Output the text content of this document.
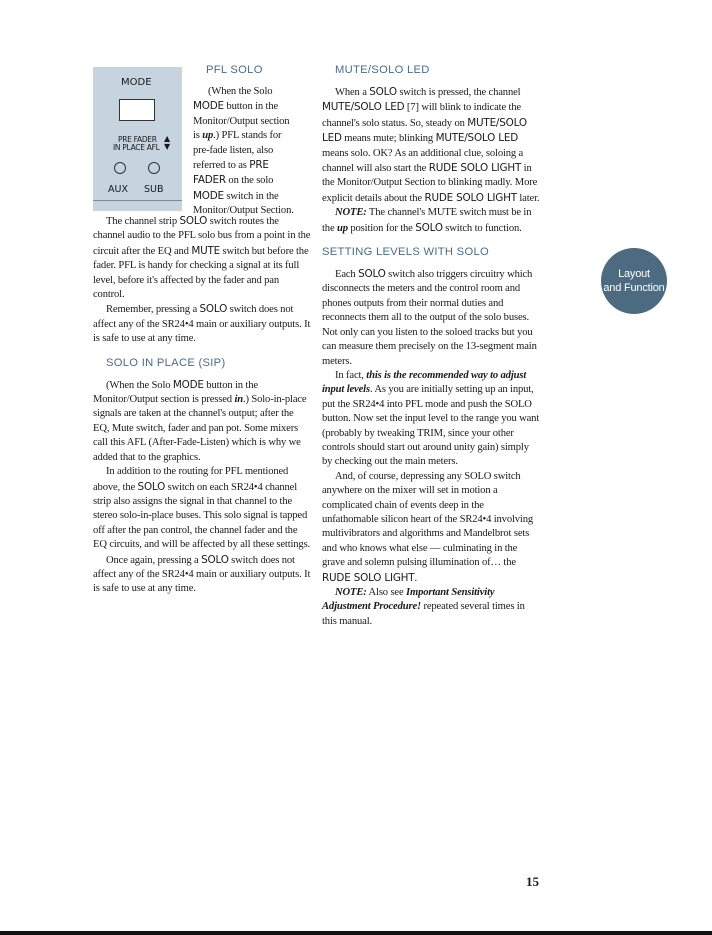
MODE
PRE FADER ▲
IN PLACE AFL ▼
AUX SUB
PFL SOLO

(When the Solo

MODE button in the

Monitor/Output section

is up.) PFL stands for

pre-fade listen, also

referred to as PRE

FADER on the solo

MODE switch in the

Monitor/Output Section.

The channel strip SOLO switch routes the channel audio to the PFL solo bus from a point in the circuit after the EQ and MUTE switch but before the fader. PFL is handy for checking a signal at its full level, before it's affected by the fader and pan control.

Remember, pressing a SOLO switch does not affect any of the SR24•4 main or auxiliary outputs. It is safe to use at any time.

SOLO IN PLACE (SIP)

(When the Solo MODE button in the Monitor/Output section is pressed in.) Solo-in-place signals are taken at the channel's output; after the EQ, Mute switch, fader and pan pot. Some mixers call this AFL (After-Fade-Listen) which is why we added that to the graphics.

In addition to the routing for PFL mentioned above, the SOLO switch on each SR24•4 channel strip also assigns the signal in that channel to the stereo solo-in-place buses. This solo signal is tapped off after the pan control, the channel fader and the EQ circuits, and will be affected by all these settings.

Once again, pressing a SOLO switch does not affect any of the SR24•4 main or auxiliary outputs. It is safe to use at any time.

MUTE/SOLO LED

When a SOLO switch is pressed, the channel MUTE/SOLO LED [7] will blink to indicate the channel's solo status. So, steady on MUTE/SOLO LED means mute; blinking MUTE/SOLO LED means solo. OK? As an additional clue, soloing a channel will also start the RUDE SOLO LIGHT in the Monitor/Output Section to blinking madly. More explicit details about the RUDE SOLO LIGHT later.

NOTE: The channel's MUTE switch must be in the up position for the SOLO switch to function.

SETTING LEVELS WITH SOLO

Each SOLO switch also triggers circuitry which disconnects the meters and the control room and phones outputs from their normal duties and reconnects them all to the output of the solo buses. Not only can you listen to the soloed tracks but you can measure them precisely on the 13-segment main meters.

In fact, this is the recommended way to adjust input levels. As you are initially setting up an input, put the SR24•4 into PFL mode and push the SOLO button. Now set the input level to the range you want (probably by tweaking TRIM, since your other controls should start out around unity gain) simply by checking out the main meters.

And, of course, depressing any SOLO switch anywhere on the mixer will set in motion a complicated chain of events deep in the unfathomable silicon heart of the SR24•4 involving multivibrators and algorithms and Mandelbrot sets and who knows what else — culminating in the grave and solemn pulsing illumination of… the RUDE SOLO LIGHT.

NOTE: Also see Important Sensitivity Adjustment Procedure! repeated several times in this manual.

Layout
and Function
15
